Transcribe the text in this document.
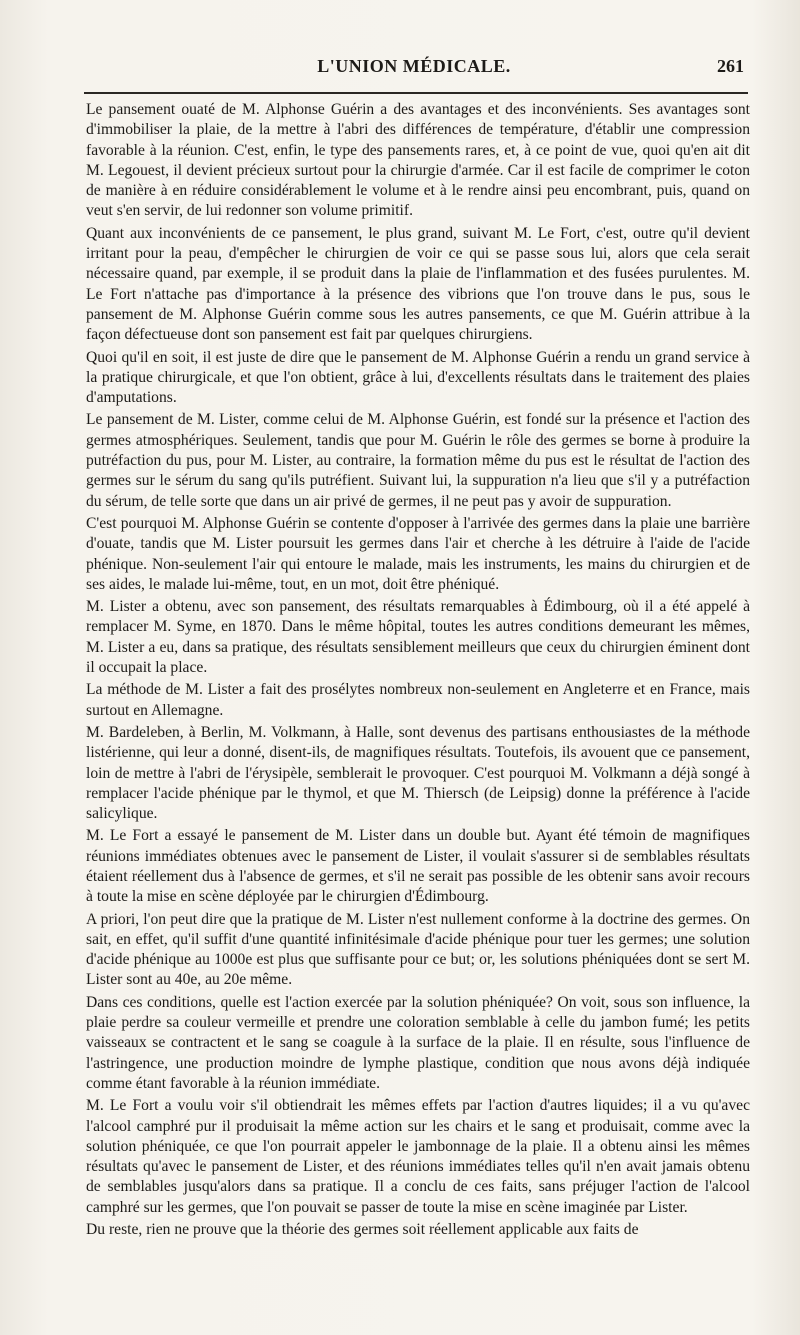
L'UNION MÉDICALE.	261

Le pansement ouaté de M. Alphonse Guérin a des avantages et des inconvénients. Ses avantages sont d'immobiliser la plaie, de la mettre à l'abri des différences de température, d'établir une compression favorable à la réunion. C'est, enfin, le type des pansements rares, et, à ce point de vue, quoi qu'en ait dit M. Legouest, il devient précieux surtout pour la chirurgie d'armée. Car il est facile de comprimer le coton de manière à en réduire considérablement le volume et à le rendre ainsi peu encombrant, puis, quand on veut s'en servir, de lui redonner son volume primitif.

Quant aux inconvénients de ce pansement, le plus grand, suivant M. Le Fort, c'est, outre qu'il devient irritant pour la peau, d'empêcher le chirurgien de voir ce qui se passe sous lui, alors que cela serait nécessaire quand, par exemple, il se produit dans la plaie de l'inflammation et des fusées purulentes. M. Le Fort n'attache pas d'importance à la présence des vibrions que l'on trouve dans le pus, sous le pansement de M. Alphonse Guérin comme sous les autres pansements, ce que M. Guérin attribue à la façon défectueuse dont son pansement est fait par quelques chirurgiens.

Quoi qu'il en soit, il est juste de dire que le pansement de M. Alphonse Guérin a rendu un grand service à la pratique chirurgicale, et que l'on obtient, grâce à lui, d'excellents résultats dans le traitement des plaies d'amputations.

Le pansement de M. Lister, comme celui de M. Alphonse Guérin, est fondé sur la présence et l'action des germes atmosphériques. Seulement, tandis que pour M. Guérin le rôle des germes se borne à produire la putréfaction du pus, pour M. Lister, au contraire, la formation même du pus est le résultat de l'action des germes sur le sérum du sang qu'ils putréfient. Suivant lui, la suppuration n'a lieu que s'il y a putréfaction du sérum, de telle sorte que dans un air privé de germes, il ne peut pas y avoir de suppuration.

C'est pourquoi M. Alphonse Guérin se contente d'opposer à l'arrivée des germes dans la plaie une barrière d'ouate, tandis que M. Lister poursuit les germes dans l'air et cherche à les détruire à l'aide de l'acide phénique. Non-seulement l'air qui entoure le malade, mais les instruments, les mains du chirurgien et de ses aides, le malade lui-même, tout, en un mot, doit être phéniqué.

M. Lister a obtenu, avec son pansement, des résultats remarquables à Édimbourg, où il a été appelé à remplacer M. Syme, en 1870. Dans le même hôpital, toutes les autres conditions demeurant les mêmes, M. Lister a eu, dans sa pratique, des résultats sensiblement meilleurs que ceux du chirurgien éminent dont il occupait la place.

La méthode de M. Lister a fait des prosélytes nombreux non-seulement en Angleterre et en France, mais surtout en Allemagne.

M. Bardeleben, à Berlin, M. Volkmann, à Halle, sont devenus des partisans enthousiastes de la méthode listérienne, qui leur a donné, disent-ils, de magnifiques résultats. Toutefois, ils avouent que ce pansement, loin de mettre à l'abri de l'érysipèle, semblerait le provoquer. C'est pourquoi M. Volkmann a déjà songé à remplacer l'acide phénique par le thymol, et que M. Thiersch (de Leipsig) donne la préférence à l'acide salicylique.

M. Le Fort a essayé le pansement de M. Lister dans un double but. Ayant été témoin de magnifiques réunions immédiates obtenues avec le pansement de Lister, il voulait s'assurer si de semblables résultats étaient réellement dus à l'absence de germes, et s'il ne serait pas possible de les obtenir sans avoir recours à toute la mise en scène déployée par le chirurgien d'Édimbourg.

A priori, l'on peut dire que la pratique de M. Lister n'est nullement conforme à la doctrine des germes. On sait, en effet, qu'il suffit d'une quantité infinitésimale d'acide phénique pour tuer les germes; une solution d'acide phénique au 1000e est plus que suffisante pour ce but; or, les solutions phéniquées dont se sert M. Lister sont au 40e, au 20e même.

Dans ces conditions, quelle est l'action exercée par la solution phéniquée? On voit, sous son influence, la plaie perdre sa couleur vermeille et prendre une coloration semblable à celle du jambon fumé; les petits vaisseaux se contractent et le sang se coagule à la surface de la plaie. Il en résulte, sous l'influence de l'astringence, une production moindre de lymphe plastique, condition que nous avons déjà indiquée comme étant favorable à la réunion immédiate.

M. Le Fort a voulu voir s'il obtiendrait les mêmes effets par l'action d'autres liquides; il a vu qu'avec l'alcool camphré pur il produisait la même action sur les chairs et le sang et produisait, comme avec la solution phéniquée, ce que l'on pourrait appeler le jambonnage de la plaie. Il a obtenu ainsi les mêmes résultats qu'avec le pansement de Lister, et des réunions immédiates telles qu'il n'en avait jamais obtenu de semblables jusqu'alors dans sa pratique. Il a conclu de ces faits, sans préjuger l'action de l'alcool camphré sur les germes, que l'on pouvait se passer de toute la mise en scène imaginée par Lister.

Du reste, rien ne prouve que la théorie des germes soit réellement applicable aux faits de
